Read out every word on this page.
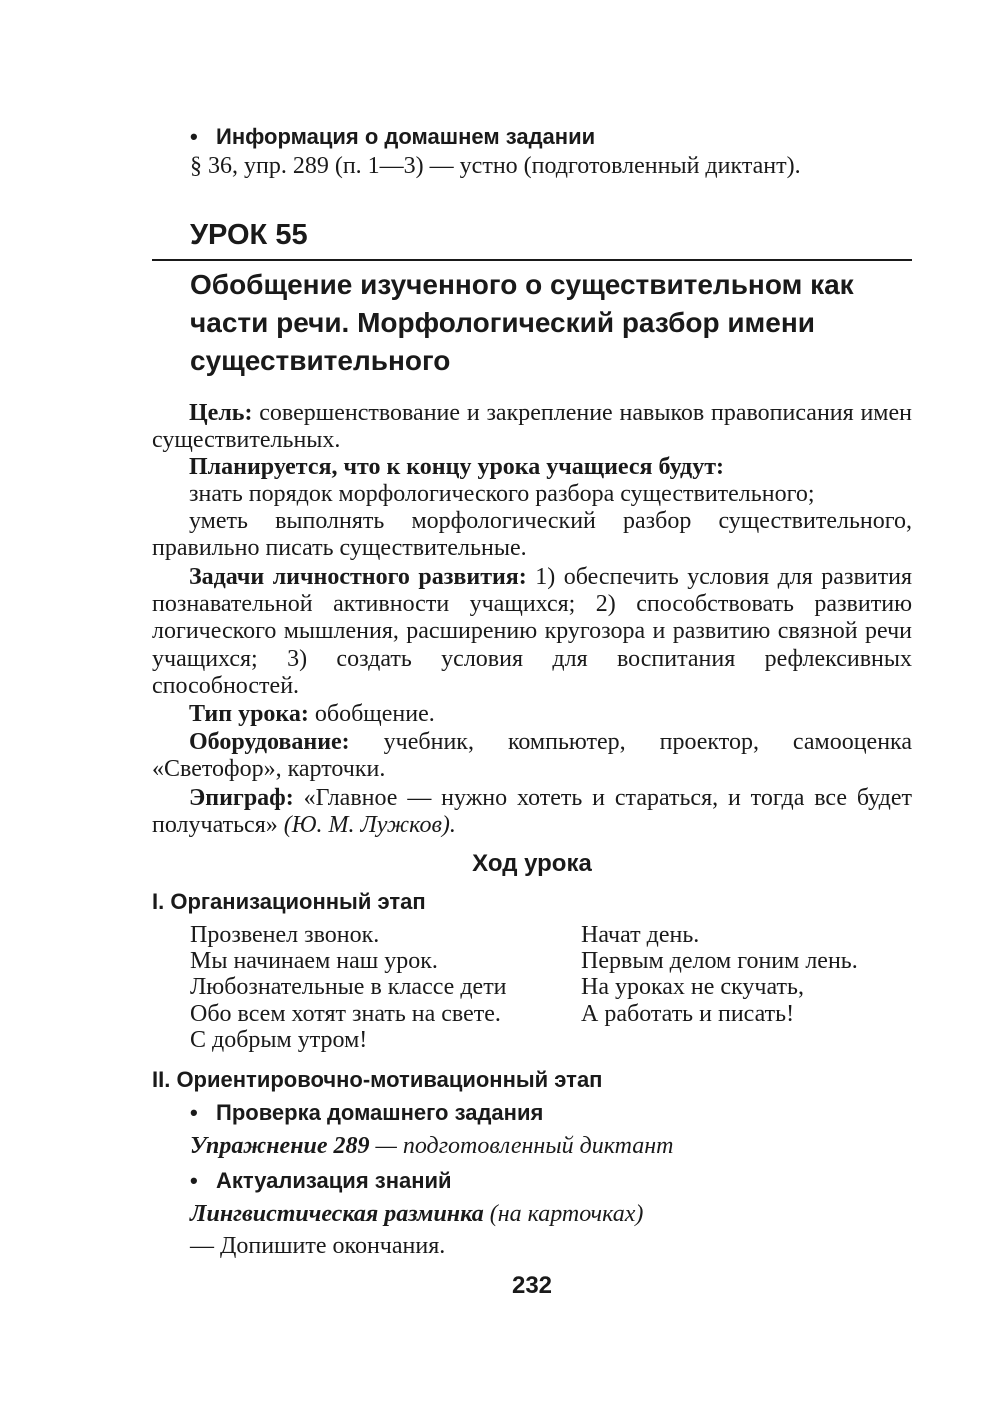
• Информация о домашнем задании
§ 36, упр. 289 (п. 1—3) — устно (подготовленный диктант).
УРОК 55
Обобщение изученного о существительном как части речи. Морфологический разбор имени существительного

Цель: совершенствование и закрепление навыков правописания имен существительных.

Планируется, что к концу урока учащиеся будут:

знать порядок морфологического разбора существительного;

уметь выполнять морфологический разбор существительного, правильно писать существительные.

Задачи личностного развития: 1) обеспечить условия для развития познавательной активности учащихся; 2) способствовать развитию логического мышления, расширению кругозора и развитию связной речи учащихся; 3) создать условия для воспитания рефлексивных способностей.

Тип урока: обобщение.

Оборудование: учебник, компьютер, проектор, самооценка «Светофор», карточки.

Эпиграф: «Главное — нужно хотеть и стараться, и тогда все будет получаться» (Ю. М. Лужков).

Ход урока
I. Организационный этап
Прозвенел звонок.
Мы начинаем наш урок.
Любознательные в классе дети
Обо всем хотят знать на свете.
С добрым утром!
Начат день.
Первым делом гоним лень.
На уроках не скучать,
А работать и писать!
II. Ориентировочно-мотивационный этап
• Проверка домашнего задания
Упражнение 289 — подготовленный диктант
• Актуализация знаний
Лингвистическая разминка (на карточках)
— Допишите окончания.
232
